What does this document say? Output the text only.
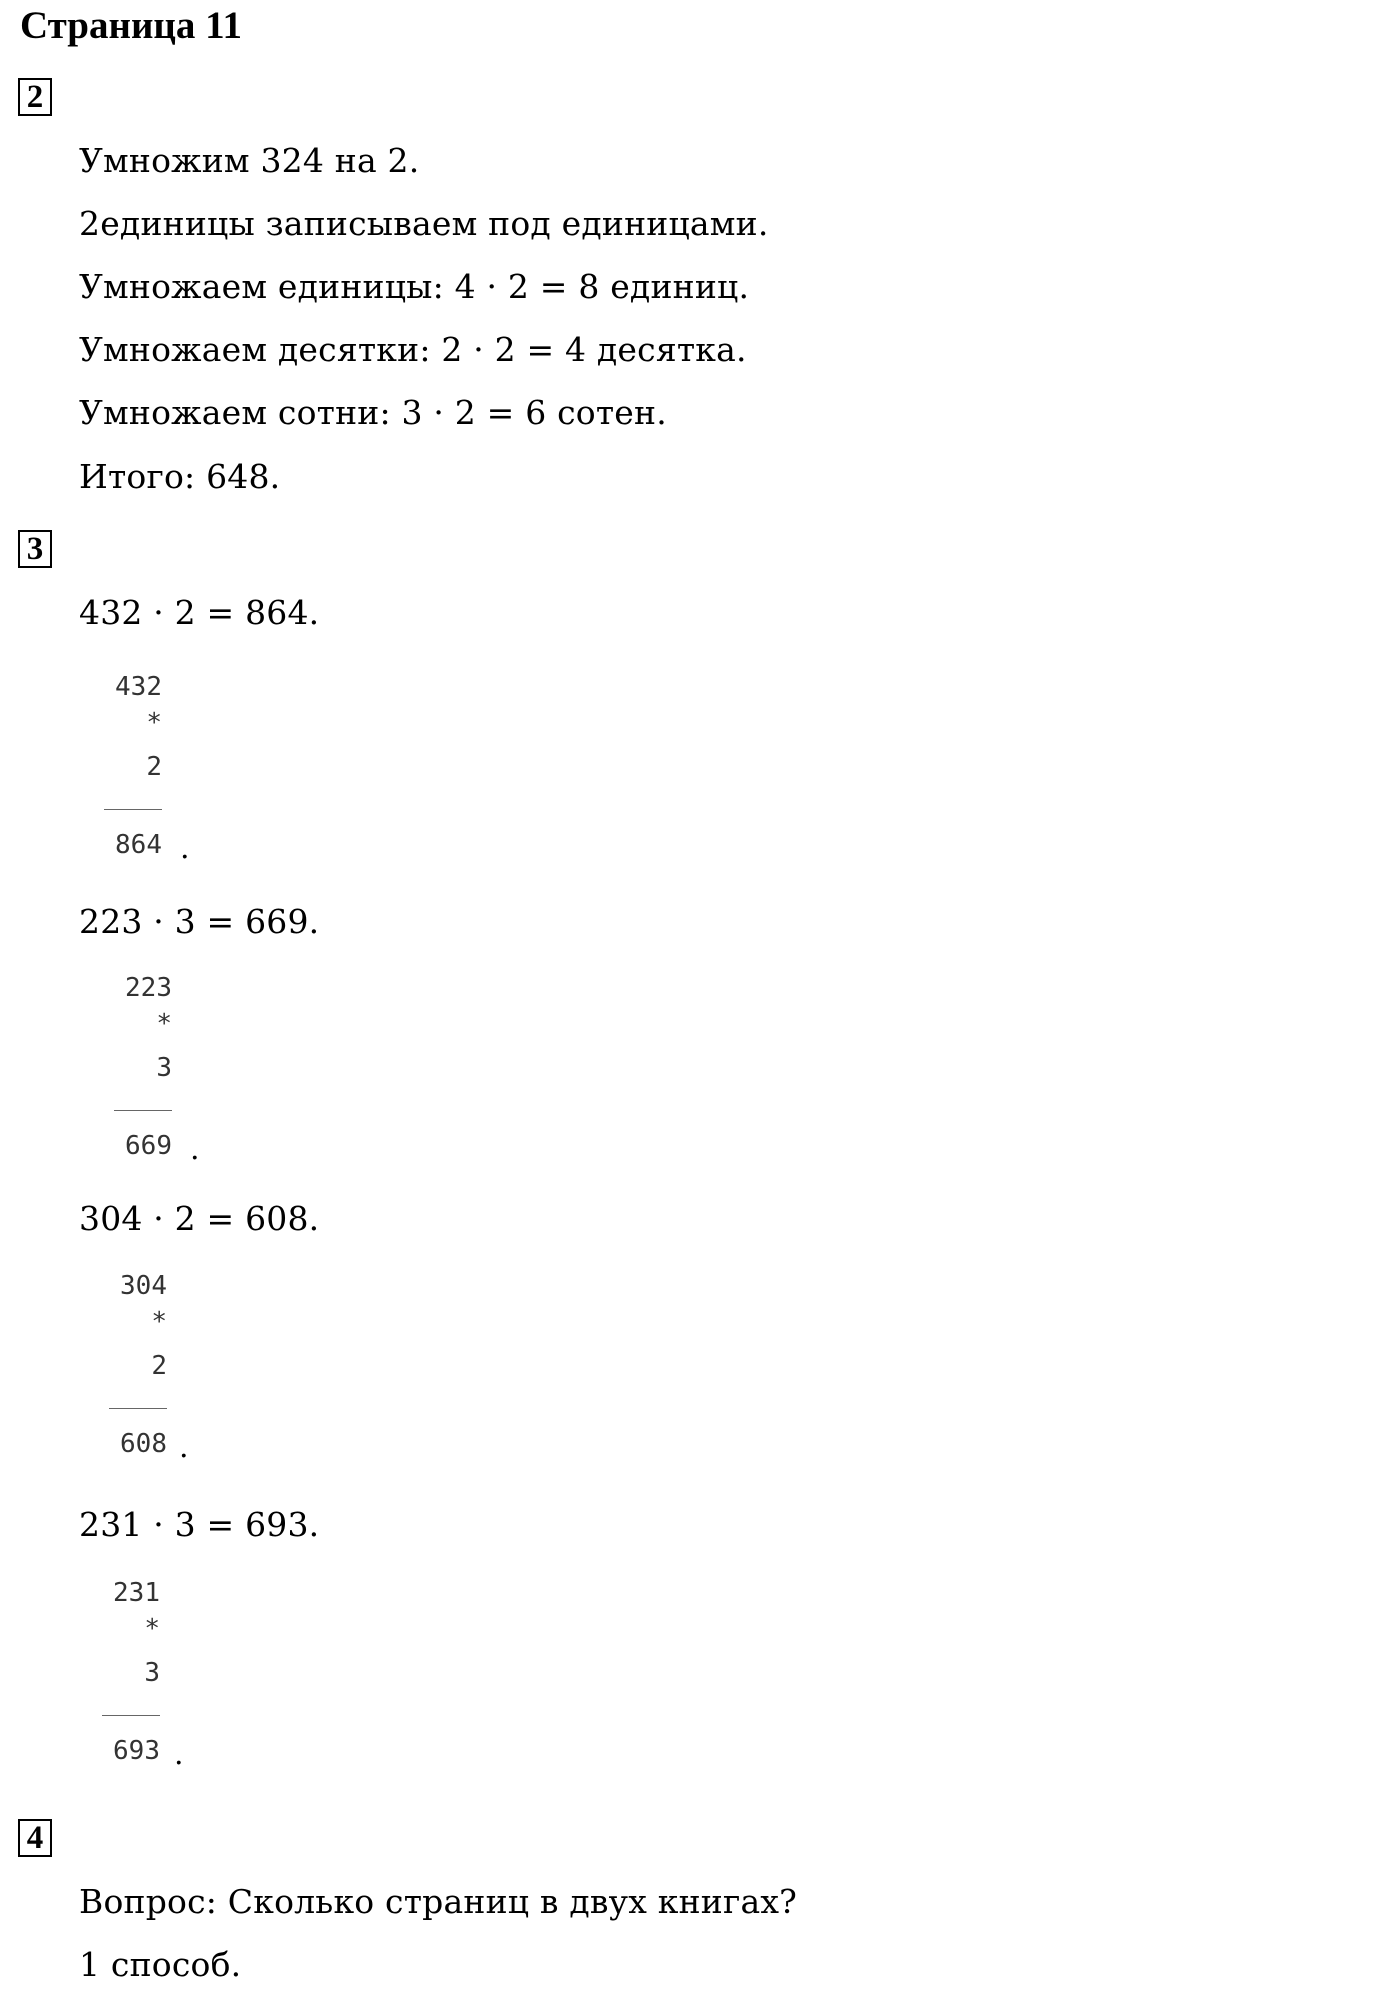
Страница 11
2
Умножим 324 на 2.
2единицы записываем под единицами.
Умножаем единицы: 4 · 2 = 8 единиц.
Умножаем десятки: 2 · 2 = 4 десятка.
Умножаем сотни: 3 · 2 = 6 сотен.
Итого: 648.
3
432 · 2 = 864.
432
*
2
864 .
223 · 3 = 669.
223
*
3
669 .
304 · 2 = 608.
304
*
2
608 .
231 · 3 = 693.
231
*
3
693 .
4
Вопрос: Сколько страниц в двух книгах?
1 способ.
